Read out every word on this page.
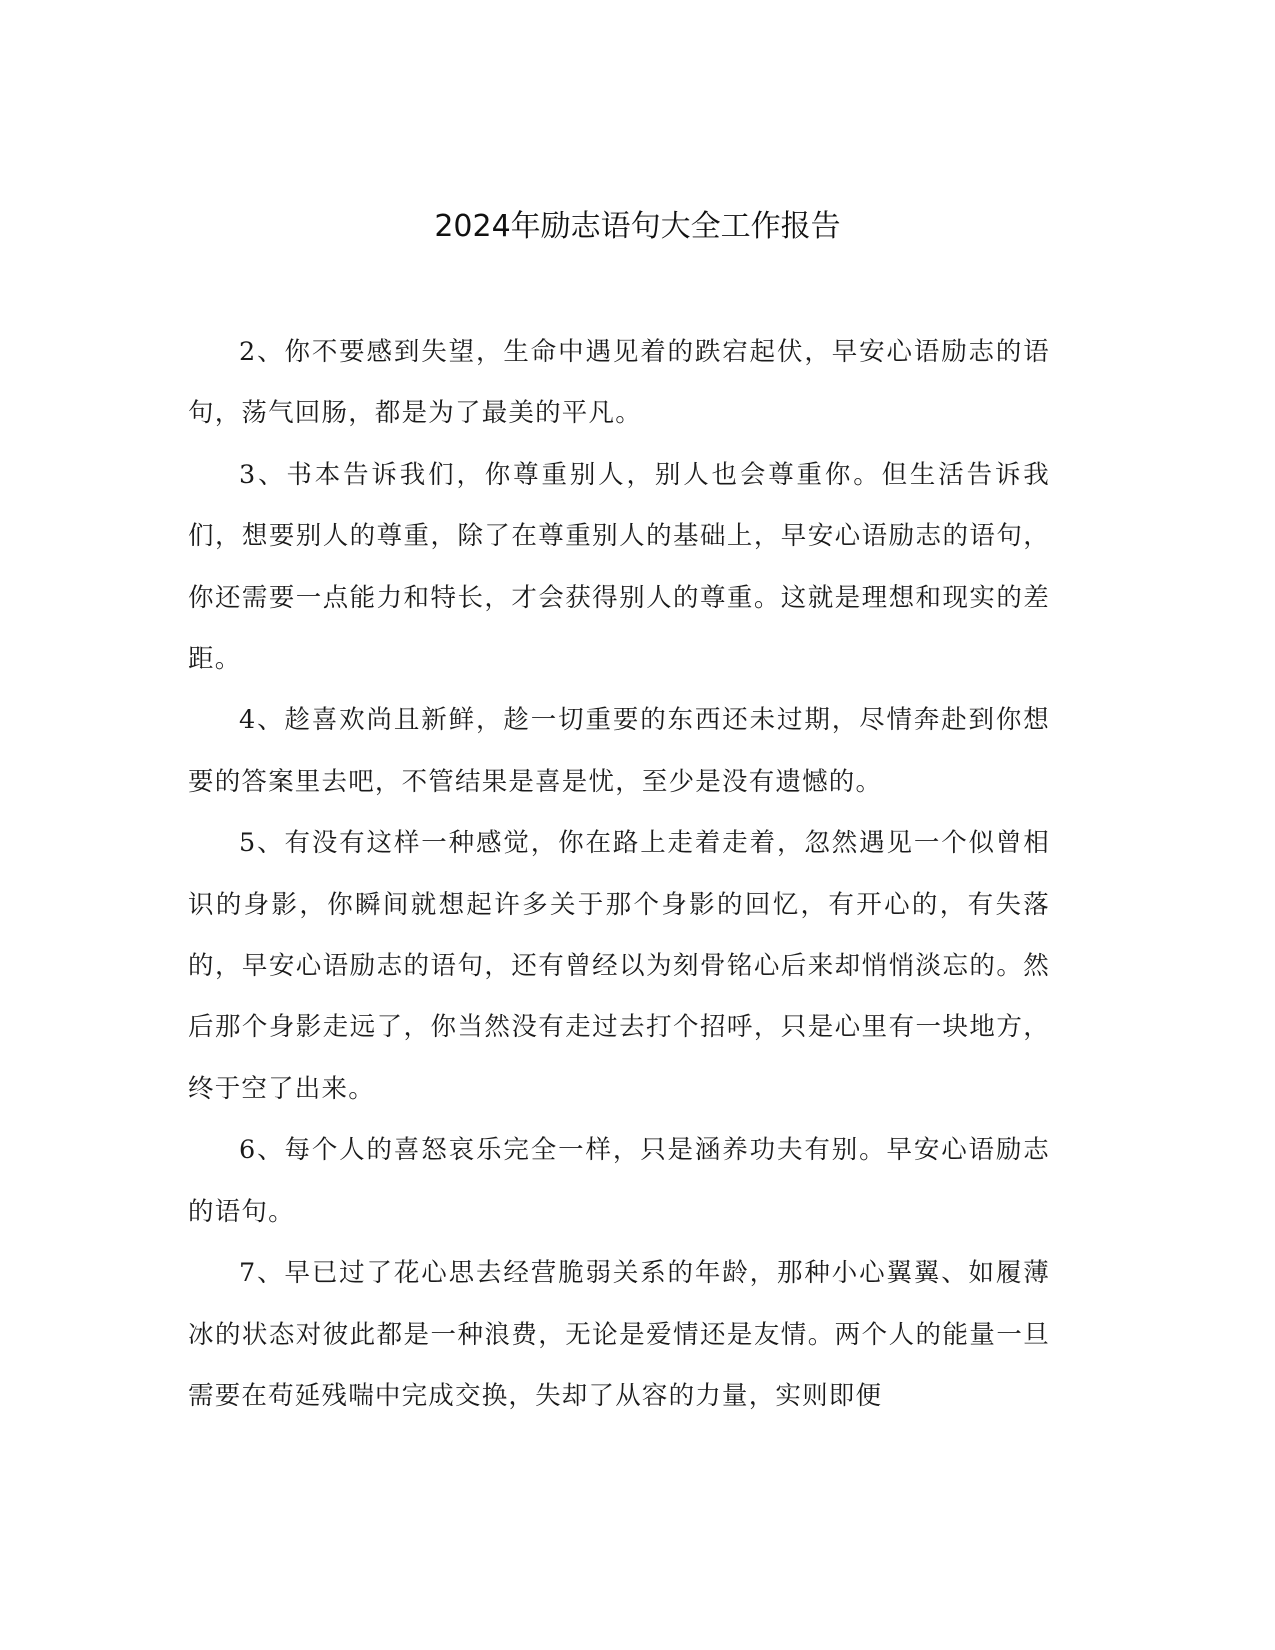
2024年励志语句大全工作报告

2、你不要感到失望，生命中遇见着的跌宕起伏，早安心语励志的语句，荡气回肠，都是为了最美的平凡。

3、书本告诉我们，你尊重别人，别人也会尊重你。但生活告诉我们，想要别人的尊重，除了在尊重别人的基础上，早安心语励志的语句，你还需要一点能力和特长，才会获得别人的尊重。这就是理想和现实的差距。

4、趁喜欢尚且新鲜，趁一切重要的东西还未过期，尽情奔赴到你想要的答案里去吧，不管结果是喜是忧，至少是没有遗憾的。

5、有没有这样一种感觉，你在路上走着走着，忽然遇见一个似曾相识的身影，你瞬间就想起许多关于那个身影的回忆，有开心的，有失落的，早安心语励志的语句，还有曾经以为刻骨铭心后来却悄悄淡忘的。然后那个身影走远了，你当然没有走过去打个招呼，只是心里有一块地方，终于空了出来。

6、每个人的喜怒哀乐完全一样，只是涵养功夫有别。早安心语励志的语句。

7、早已过了花心思去经营脆弱关系的年龄，那种小心翼翼、如履薄冰的状态对彼此都是一种浪费，无论是爱情还是友情。两个人的能量一旦需要在苟延残喘中完成交换，失却了从容的力量，实则即便
